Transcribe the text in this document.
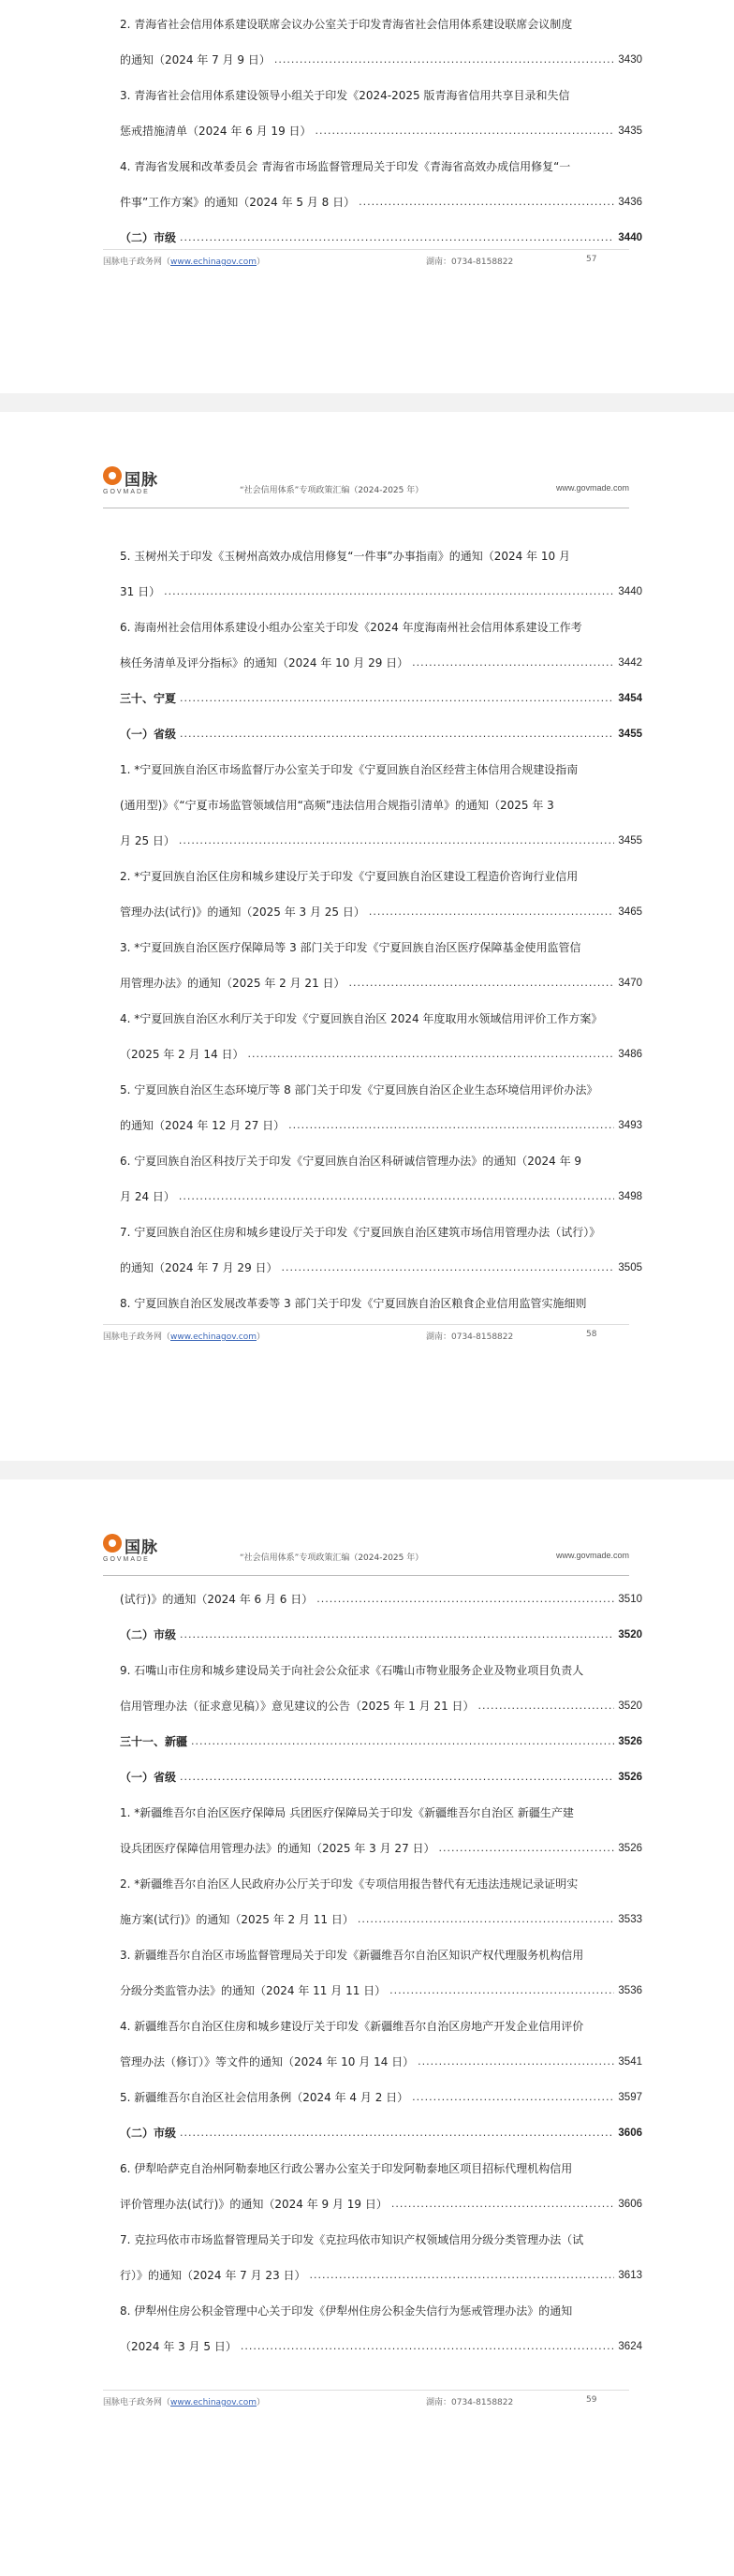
2. 青海省社会信用体系建设联席会议办公室关于印发青海省社会信用体系建设联席会议制度
的通知（2024 年 7 月 9 日） .....	3430
3. 青海省社会信用体系建设领导小组关于印发《2024-2025 版青海省信用共享目录和失信
惩戒措施清单（2024 年 6 月 19 日） .....	3435
4. 青海省发展和改革委员会 青海省市场监督管理局关于印发《青海省高效办成信用修复“一
件事”工作方案》的通知（2024 年 5 月 8 日） .....	3436
（二）市级 .....	3440
国脉电子政务网（www.echinagov.com）	湖南：0734-8158822	57
国脉
GOVMADE	“社会信用体系”专项政策汇编（2024-2025 年）	www.govmade.com
5. 玉树州关于印发《玉树州高效办成信用修复“一件事”办事指南》的通知（2024 年 10 月
31 日） .....	3440
6. 海南州社会信用体系建设小组办公室关于印发《2024 年度海南州社会信用体系建设工作考
核任务清单及评分指标》的通知（2024 年 10 月 29 日） .....	3442
三十、宁夏 .....	3454
（一）省级 .....	3455
1. *宁夏回族自治区市场监督厅办公室关于印发《宁夏回族自治区经营主体信用合规建设指南
(通用型)》《“宁夏市场监管领域信用“高频”违法信用合规指引清单》的通知（2025 年 3
月 25 日） .....	3455
2. *宁夏回族自治区住房和城乡建设厅关于印发《宁夏回族自治区建设工程造价咨询行业信用
管理办法(试行)》的通知（2025 年 3 月 25 日） .....	3465
3. *宁夏回族自治区医疗保障局等 3 部门关于印发《宁夏回族自治区医疗保障基金使用监管信
用管理办法》的通知（2025 年 2 月 21 日） .....	3470
4. *宁夏回族自治区水利厅关于印发《宁夏回族自治区 2024 年度取用水领域信用评价工作方案》
（2025 年 2 月 14 日） .....	3486
5. 宁夏回族自治区生态环境厅等 8 部门关于印发《宁夏回族自治区企业生态环境信用评价办法》
的通知（2024 年 12 月 27 日） .....	3493
6. 宁夏回族自治区科技厅关于印发《宁夏回族自治区科研诚信管理办法》的通知（2024 年 9
月 24 日） .....	3498
7. 宁夏回族自治区住房和城乡建设厅关于印发《宁夏回族自治区建筑市场信用管理办法（试行）》
的通知（2024 年 7 月 29 日） .....	3505
8. 宁夏回族自治区发展改革委等 3 部门关于印发《宁夏回族自治区粮食企业信用监管实施细则
国脉电子政务网（www.echinagov.com）	湖南：0734-8158822	58
国脉
GOVMADE	“社会信用体系”专项政策汇编（2024-2025 年）	www.govmade.com
(试行)》的通知（2024 年 6 月 6 日） .....	3510
（二）市级 .....	3520
9. 石嘴山市住房和城乡建设局关于向社会公众征求《石嘴山市物业服务企业及物业项目负责人
信用管理办法（征求意见稿）》意见建议的公告（2025 年 1 月 21 日） .....	3520
三十一、新疆 .....	3526
（一）省级 .....	3526
1. *新疆维吾尔自治区医疗保障局 兵团医疗保障局关于印发《新疆维吾尔自治区 新疆生产建
设兵团医疗保障信用管理办法》的通知（2025 年 3 月 27 日） .....	3526
2. *新疆维吾尔自治区人民政府办公厅关于印发《专项信用报告替代有无违法违规记录证明实
施方案(试行)》的通知（2025 年 2 月 11 日） .....	3533
3. 新疆维吾尔自治区市场监督管理局关于印发《新疆维吾尔自治区知识产权代理服务机构信用
分级分类监管办法》的通知（2024 年 11 月 11 日） .....	3536
4. 新疆维吾尔自治区住房和城乡建设厅关于印发《新疆维吾尔自治区房地产开发企业信用评价
管理办法（修订）》等文件的通知（2024 年 10 月 14 日） .....	3541
5. 新疆维吾尔自治区社会信用条例（2024 年 4 月 2 日） .....	3597
（二）市级 .....	3606
6. 伊犁哈萨克自治州阿勒泰地区行政公署办公室关于印发阿勒泰地区项目招标代理机构信用
评价管理办法(试行)》的通知（2024 年 9 月 19 日） .....	3606
7. 克拉玛依市市场监督管理局关于印发《克拉玛依市知识产权领域信用分级分类管理办法（试
行）》的通知（2024 年 7 月 23 日） .....	3613
8. 伊犁州住房公积金管理中心关于印发《伊犁州住房公积金失信行为惩戒管理办法》的通知
（2024 年 3 月 5 日） .....	3624
国脉电子政务网（www.echinagov.com）	湖南：0734-8158822	59
